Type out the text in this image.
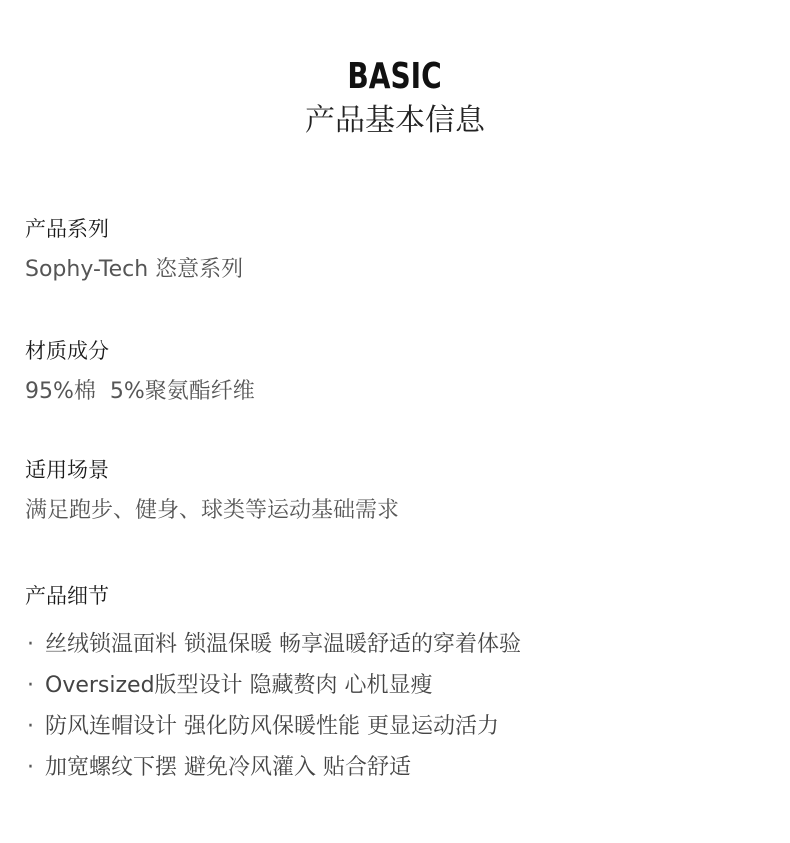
BASIC
产品基本信息
产品系列
Sophy-Tech 恣意系列
材质成分
95%棉  5%聚氨酯纤维
适用场景
满足跑步、健身、球类等运动基础需求
产品细节
· 丝绒锁温面料 锁温保暖 畅享温暖舒适的穿着体验
· Oversized版型设计 隐藏赘肉 心机显瘦
· 防风连帽设计 强化防风保暖性能 更显运动活力
· 加宽螺纹下摆 避免冷风灌入 贴合舒适
